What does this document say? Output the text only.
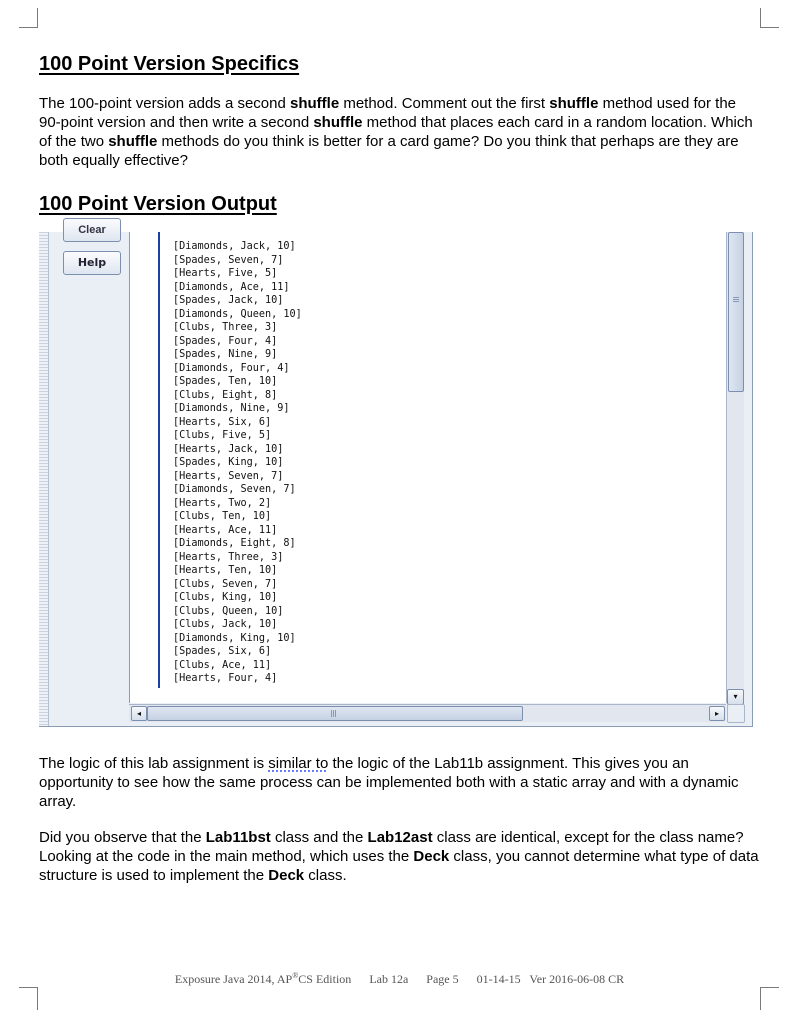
100 Point Version Specifics

The 100-point version adds a second shuffle method. Comment out the first shuffle method used for the 90-point version and then write a second shuffle method that places each card in a random location. Which of the two shuffle methods do you think is better for a card game? Do you think that perhaps are they are both equally effective?

100 Point Version Output
Clear
Help
[Diamonds, Jack, 10]
[Spades, Seven, 7]
[Hearts, Five, 5]
[Diamonds, Ace, 11]
[Spades, Jack, 10]
[Diamonds, Queen, 10]
[Clubs, Three, 3]
[Spades, Four, 4]
[Spades, Nine, 9]
[Diamonds, Four, 4]
[Spades, Ten, 10]
[Clubs, Eight, 8]
[Diamonds, Nine, 9]
[Hearts, Six, 6]
[Clubs, Five, 5]
[Hearts, Jack, 10]
[Spades, King, 10]
[Hearts, Seven, 7]
[Diamonds, Seven, 7]
[Hearts, Two, 2]
[Clubs, Ten, 10]
[Hearts, Ace, 11]
[Diamonds, Eight, 8]
[Hearts, Three, 3]
[Hearts, Ten, 10]
[Clubs, Seven, 7]
[Clubs, King, 10]
[Clubs, Queen, 10]
[Clubs, Jack, 10]
[Diamonds, King, 10]
[Spades, Six, 6]
[Clubs, Ace, 11]
[Hearts, Four, 4]
▾
◂	▸

The logic of this lab assignment is similar to the logic of the Lab11b assignment. This gives you an opportunity to see how the same process can be implemented both with a static array and with a dynamic array.

Did you observe that the Lab11bst class and the Lab12ast class are identical, except for the class name? Looking at the code in the main method, which uses the Deck class, you cannot determine what type of data structure is used to implement the Deck class.

Exposure Java 2014, AP®CS Edition Lab 12a Page 5 01-14-15 Ver 2016-06-08 CR
